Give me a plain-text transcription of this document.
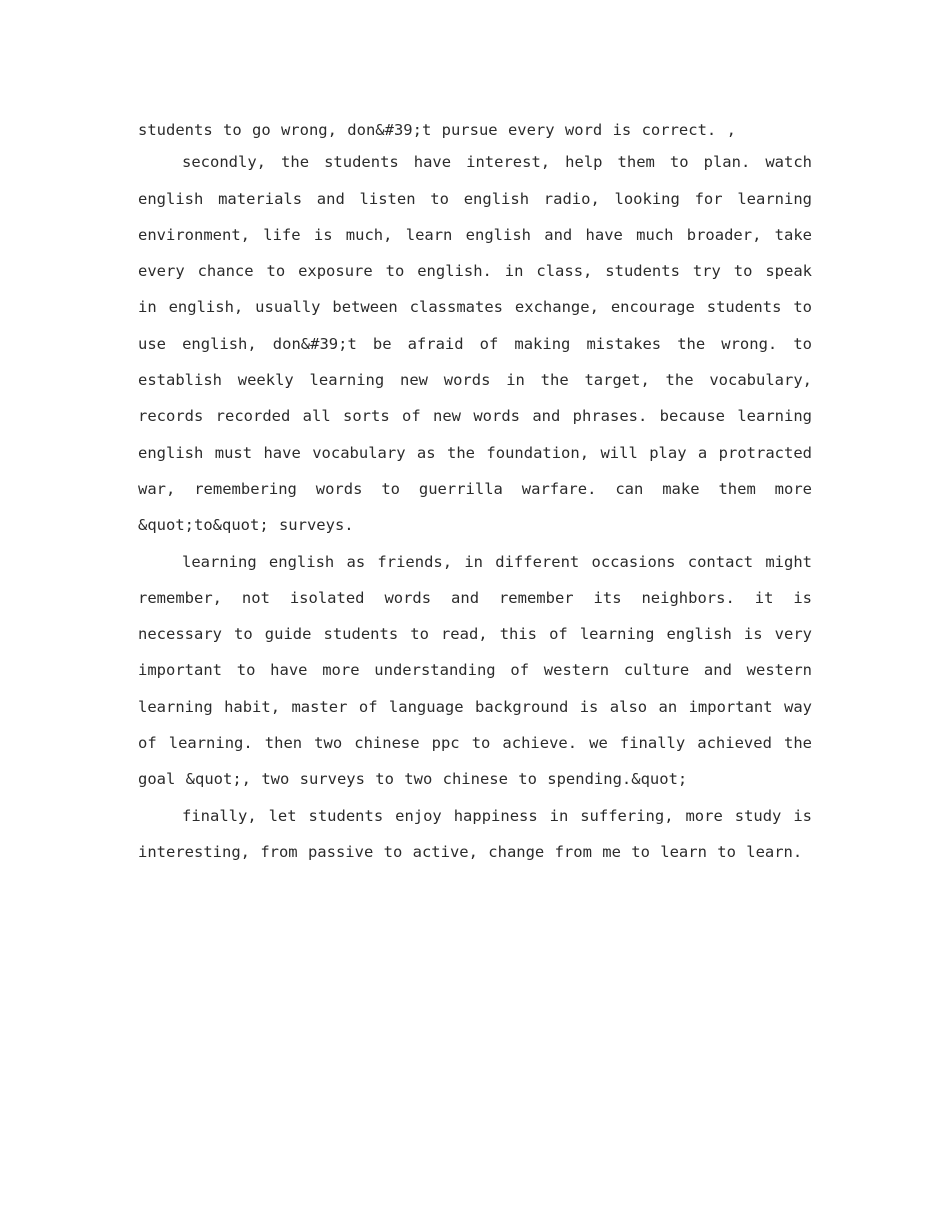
students to go wrong, don&#39;t pursue every word is correct. ,

secondly, the students have interest, help them to plan. watch english materials and listen to english radio, looking for learning environment, life is much, learn english and have much broader, take every chance to exposure to english. in class, students try to speak in english, usually between classmates exchange, encourage students to use english, don&#39;t be afraid of making mistakes the wrong. to establish weekly learning new words in the target, the vocabulary, records recorded all sorts of new words and phrases. because learning english must have vocabulary as the foundation, will play a protracted war, remembering words to guerrilla warfare. can make them more &quot;to&quot; surveys.

learning english as friends, in different occasions contact might remember, not isolated words and remember its neighbors. it is necessary to guide students to read, this of learning english is very important to have more understanding of western culture and western learning habit, master of language background is also an important way of learning. then two chinese ppc to achieve. we finally achieved the goal &quot;, two surveys to two chinese to spending.&quot;

finally, let students enjoy happiness in suffering, more study is interesting, from passive to active, change from me to learn to learn.
